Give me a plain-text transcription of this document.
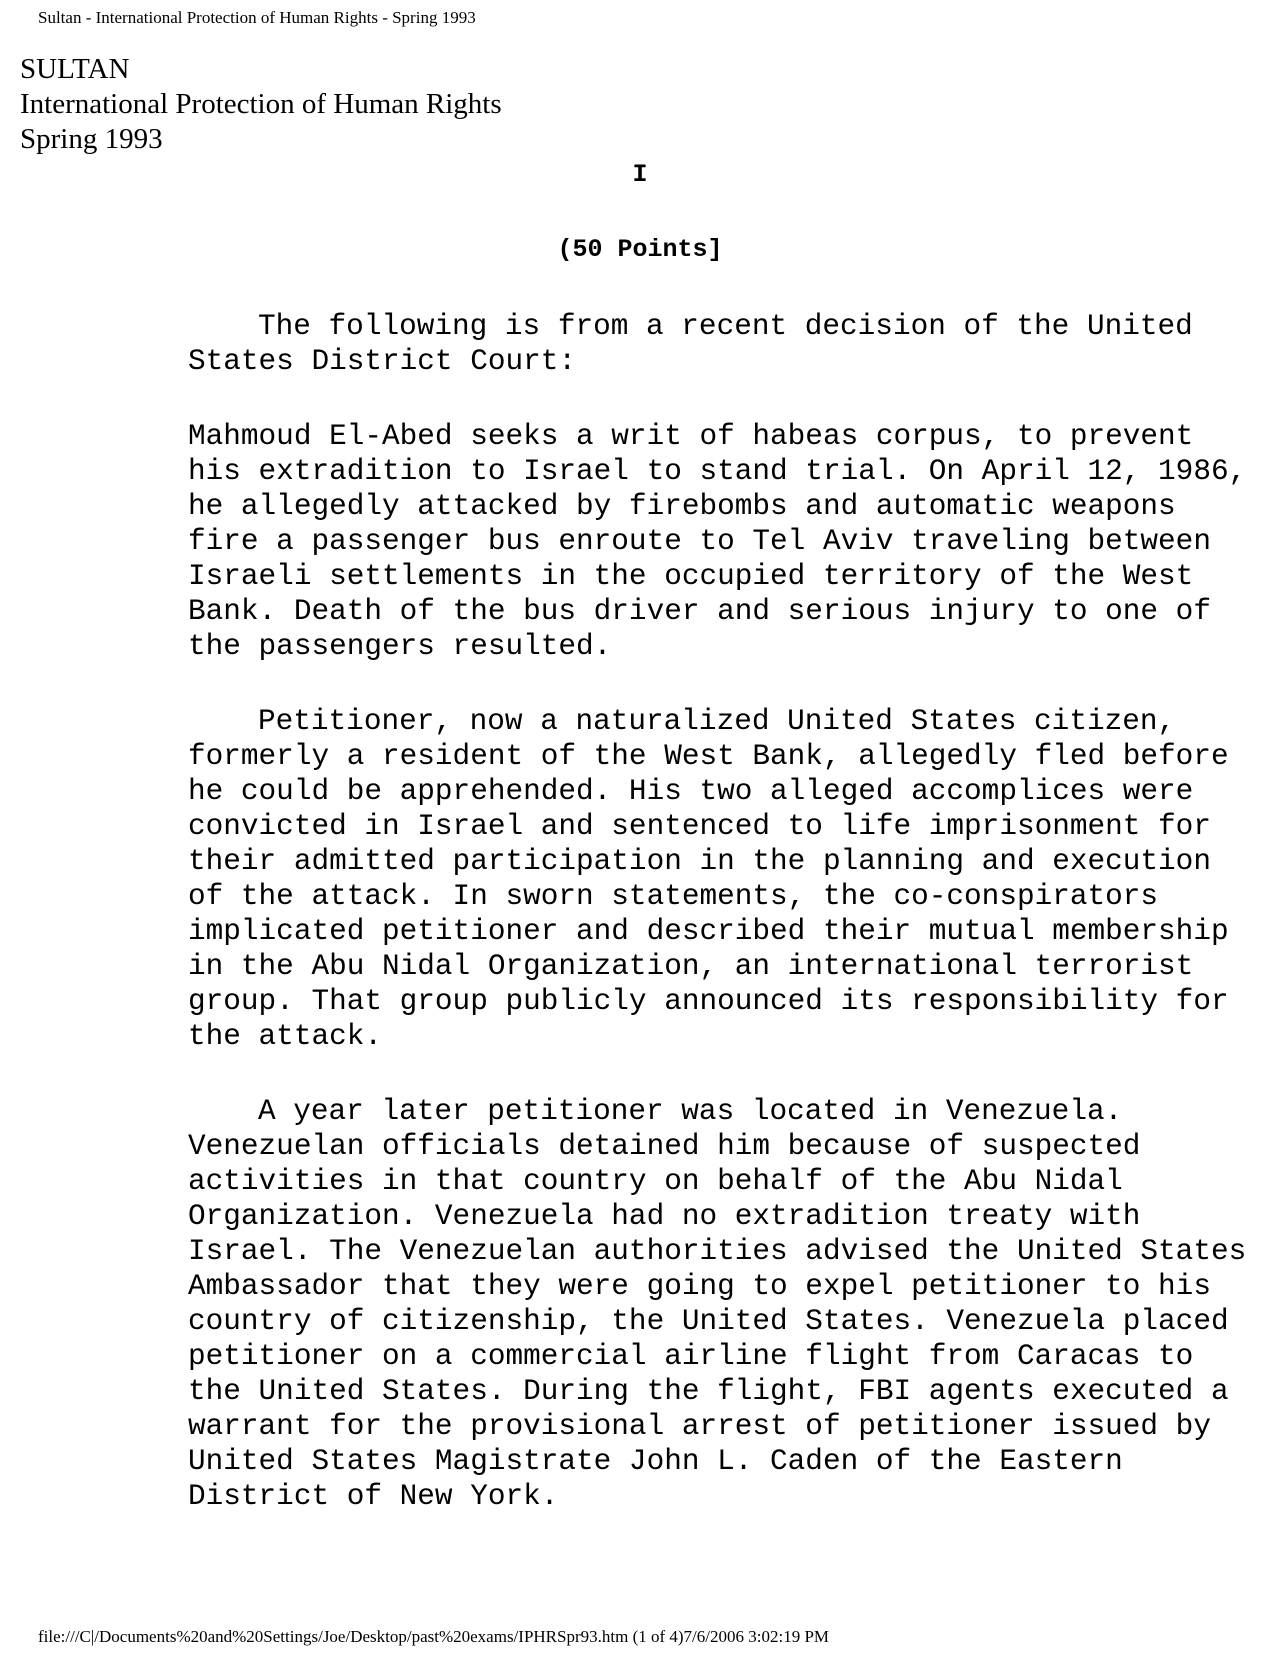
Sultan - International Protection of Human Rights - Spring 1993
SULTAN
International Protection of Human Rights
Spring 1993
I
(50 Points]

The following is from a recent decision of the United States District Court:

Mahmoud El-Abed seeks a writ of habeas corpus, to prevent his extradition to Israel to stand trial. On April 12, 1986, he allegedly attacked by firebombs and automatic weapons fire a passenger bus enroute to Tel Aviv traveling between Israeli settlements in the occupied territory of the West Bank. Death of the bus driver and serious injury to one of the passengers resulted.

Petitioner, now a naturalized United States citizen, formerly a resident of the West Bank, allegedly fled before he could be apprehended. His two alleged accomplices were convicted in Israel and sentenced to life imprisonment for their admitted participation in the planning and execution of the attack. In sworn statements, the co-conspirators implicated petitioner and described their mutual membership in the Abu Nidal Organization, an international terrorist group. That group publicly announced its responsibility for the attack.

A year later petitioner was located in Venezuela. Venezuelan officials detained him because of suspected activities in that country on behalf of the Abu Nidal Organization. Venezuela had no extradition treaty with Israel. The Venezuelan authorities advised the United States Ambassador that they were going to expel petitioner to his country of citizenship, the United States. Venezuela placed petitioner on a commercial airline flight from Caracas to the United States. During the flight, FBI agents executed a warrant for the provisional arrest of petitioner issued by United States Magistrate John L. Caden of the Eastern District of New York.

file:///C|/Documents%20and%20Settings/Joe/Desktop/past%20exams/IPHRSpr93.htm (1 of 4)7/6/2006 3:02:19 PM
